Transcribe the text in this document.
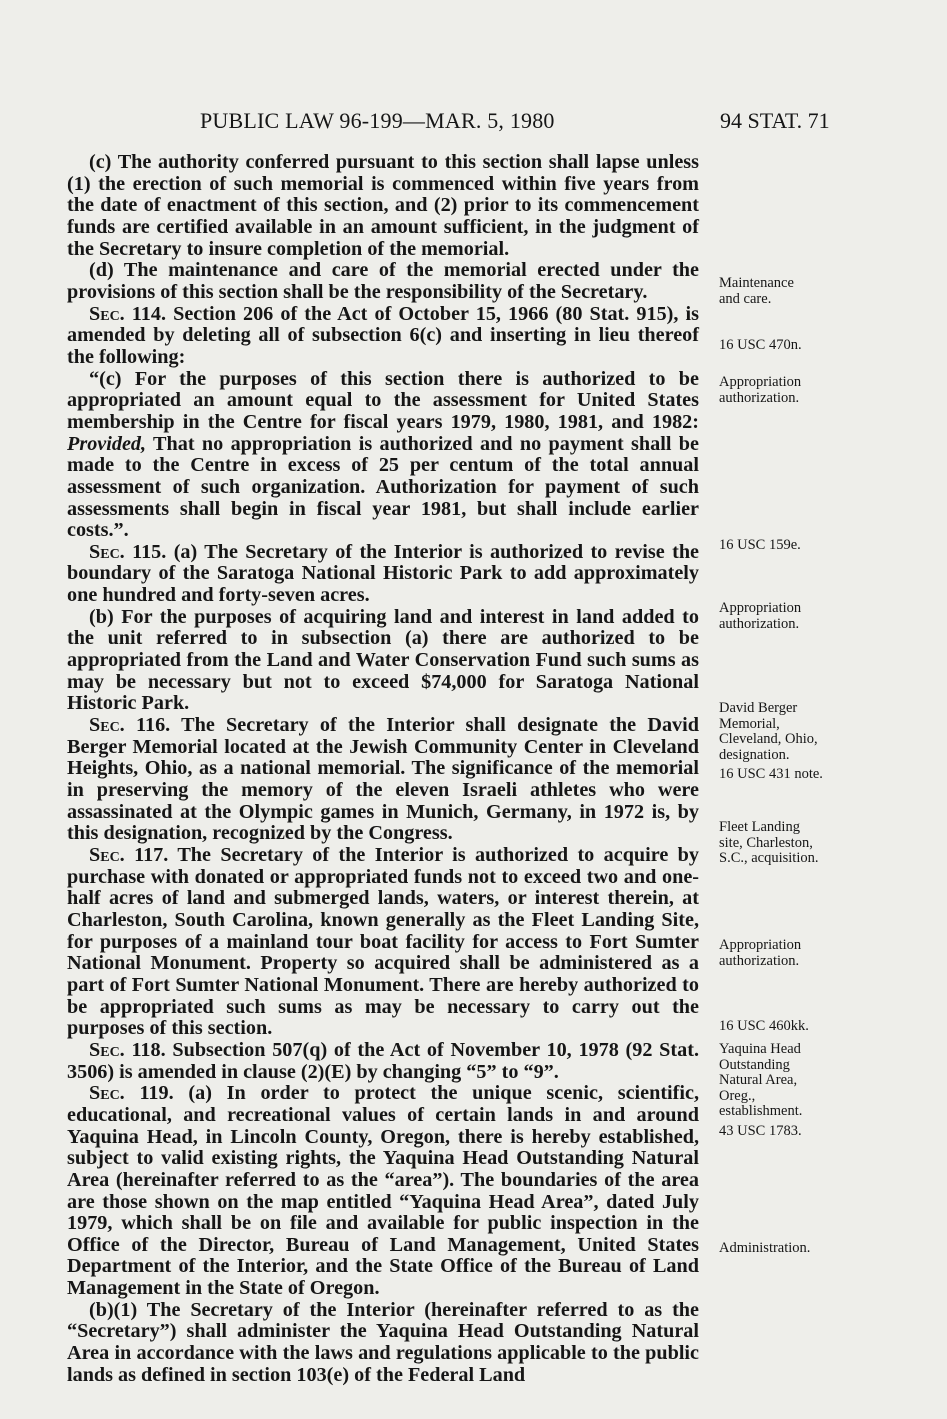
PUBLIC LAW 96-199—MAR. 5, 1980	94 STAT. 71

(c) The authority conferred pursuant to this section shall lapse unless (1) the erection of such memorial is commenced within five years from the date of enactment of this section, and (2) prior to its commencement funds are certified available in an amount sufficient, in the judgment of the Secretary to insure completion of the memorial.

(d) The maintenance and care of the memorial erected under the provisions of this section shall be the responsibility of the Secretary.

Sec. 114. Section 206 of the Act of October 15, 1966 (80 Stat. 915), is amended by deleting all of subsection 6(c) and inserting in lieu thereof the following:

“(c) For the purposes of this section there is authorized to be appropriated an amount equal to the assessment for United States membership in the Centre for fiscal years 1979, 1980, 1981, and 1982: Provided, That no appropriation is authorized and no payment shall be made to the Centre in excess of 25 per centum of the total annual assessment of such organization. Authorization for payment of such assessments shall begin in fiscal year 1981, but shall include earlier costs.”.

Sec. 115. (a) The Secretary of the Interior is authorized to revise the boundary of the Saratoga National Historic Park to add approximately one hundred and forty-seven acres.

(b) For the purposes of acquiring land and interest in land added to the unit referred to in subsection (a) there are authorized to be appropriated from the Land and Water Conservation Fund such sums as may be necessary but not to exceed $74,000 for Saratoga National Historic Park.

Sec. 116. The Secretary of the Interior shall designate the David Berger Memorial located at the Jewish Community Center in Cleveland Heights, Ohio, as a national memorial. The significance of the memorial in preserving the memory of the eleven Israeli athletes who were assassinated at the Olympic games in Munich, Germany, in 1972 is, by this designation, recognized by the Congress.

Sec. 117. The Secretary of the Interior is authorized to acquire by purchase with donated or appropriated funds not to exceed two and one-half acres of land and submerged lands, waters, or interest therein, at Charleston, South Carolina, known generally as the Fleet Landing Site, for purposes of a mainland tour boat facility for access to Fort Sumter National Monument. Property so acquired shall be administered as a part of Fort Sumter National Monument. There are hereby authorized to be appropriated such sums as may be necessary to carry out the purposes of this section.

Sec. 118. Subsection 507(q) of the Act of November 10, 1978 (92 Stat. 3506) is amended in clause (2)(E) by changing “5” to “9”.

Sec. 119. (a) In order to protect the unique scenic, scientific, educational, and recreational values of certain lands in and around Yaquina Head, in Lincoln County, Oregon, there is hereby established, subject to valid existing rights, the Yaquina Head Outstanding Natural Area (hereinafter referred to as the “area”). The boundaries of the area are those shown on the map entitled “Yaquina Head Area”, dated July 1979, which shall be on file and available for public inspection in the Office of the Director, Bureau of Land Management, United States Department of the Interior, and the State Office of the Bureau of Land Management in the State of Oregon.

(b)(1) The Secretary of the Interior (hereinafter referred to as the “Secretary”) shall administer the Yaquina Head Outstanding Natural Area in accordance with the laws and regulations applicable to the public lands as defined in section 103(e) of the Federal Land

Maintenance
and care.
16 USC 470n.
Appropriation
authorization.
16 USC 159e.
Appropriation
authorization.
David Berger
Memorial,
Cleveland, Ohio,
designation.
16 USC 431 note.
Fleet Landing
site, Charleston,
S.C., acquisition.
Appropriation
authorization.
16 USC 460kk.
Yaquina Head
Outstanding
Natural Area,
Oreg.,
establishment.
43 USC 1783.
Administration.
